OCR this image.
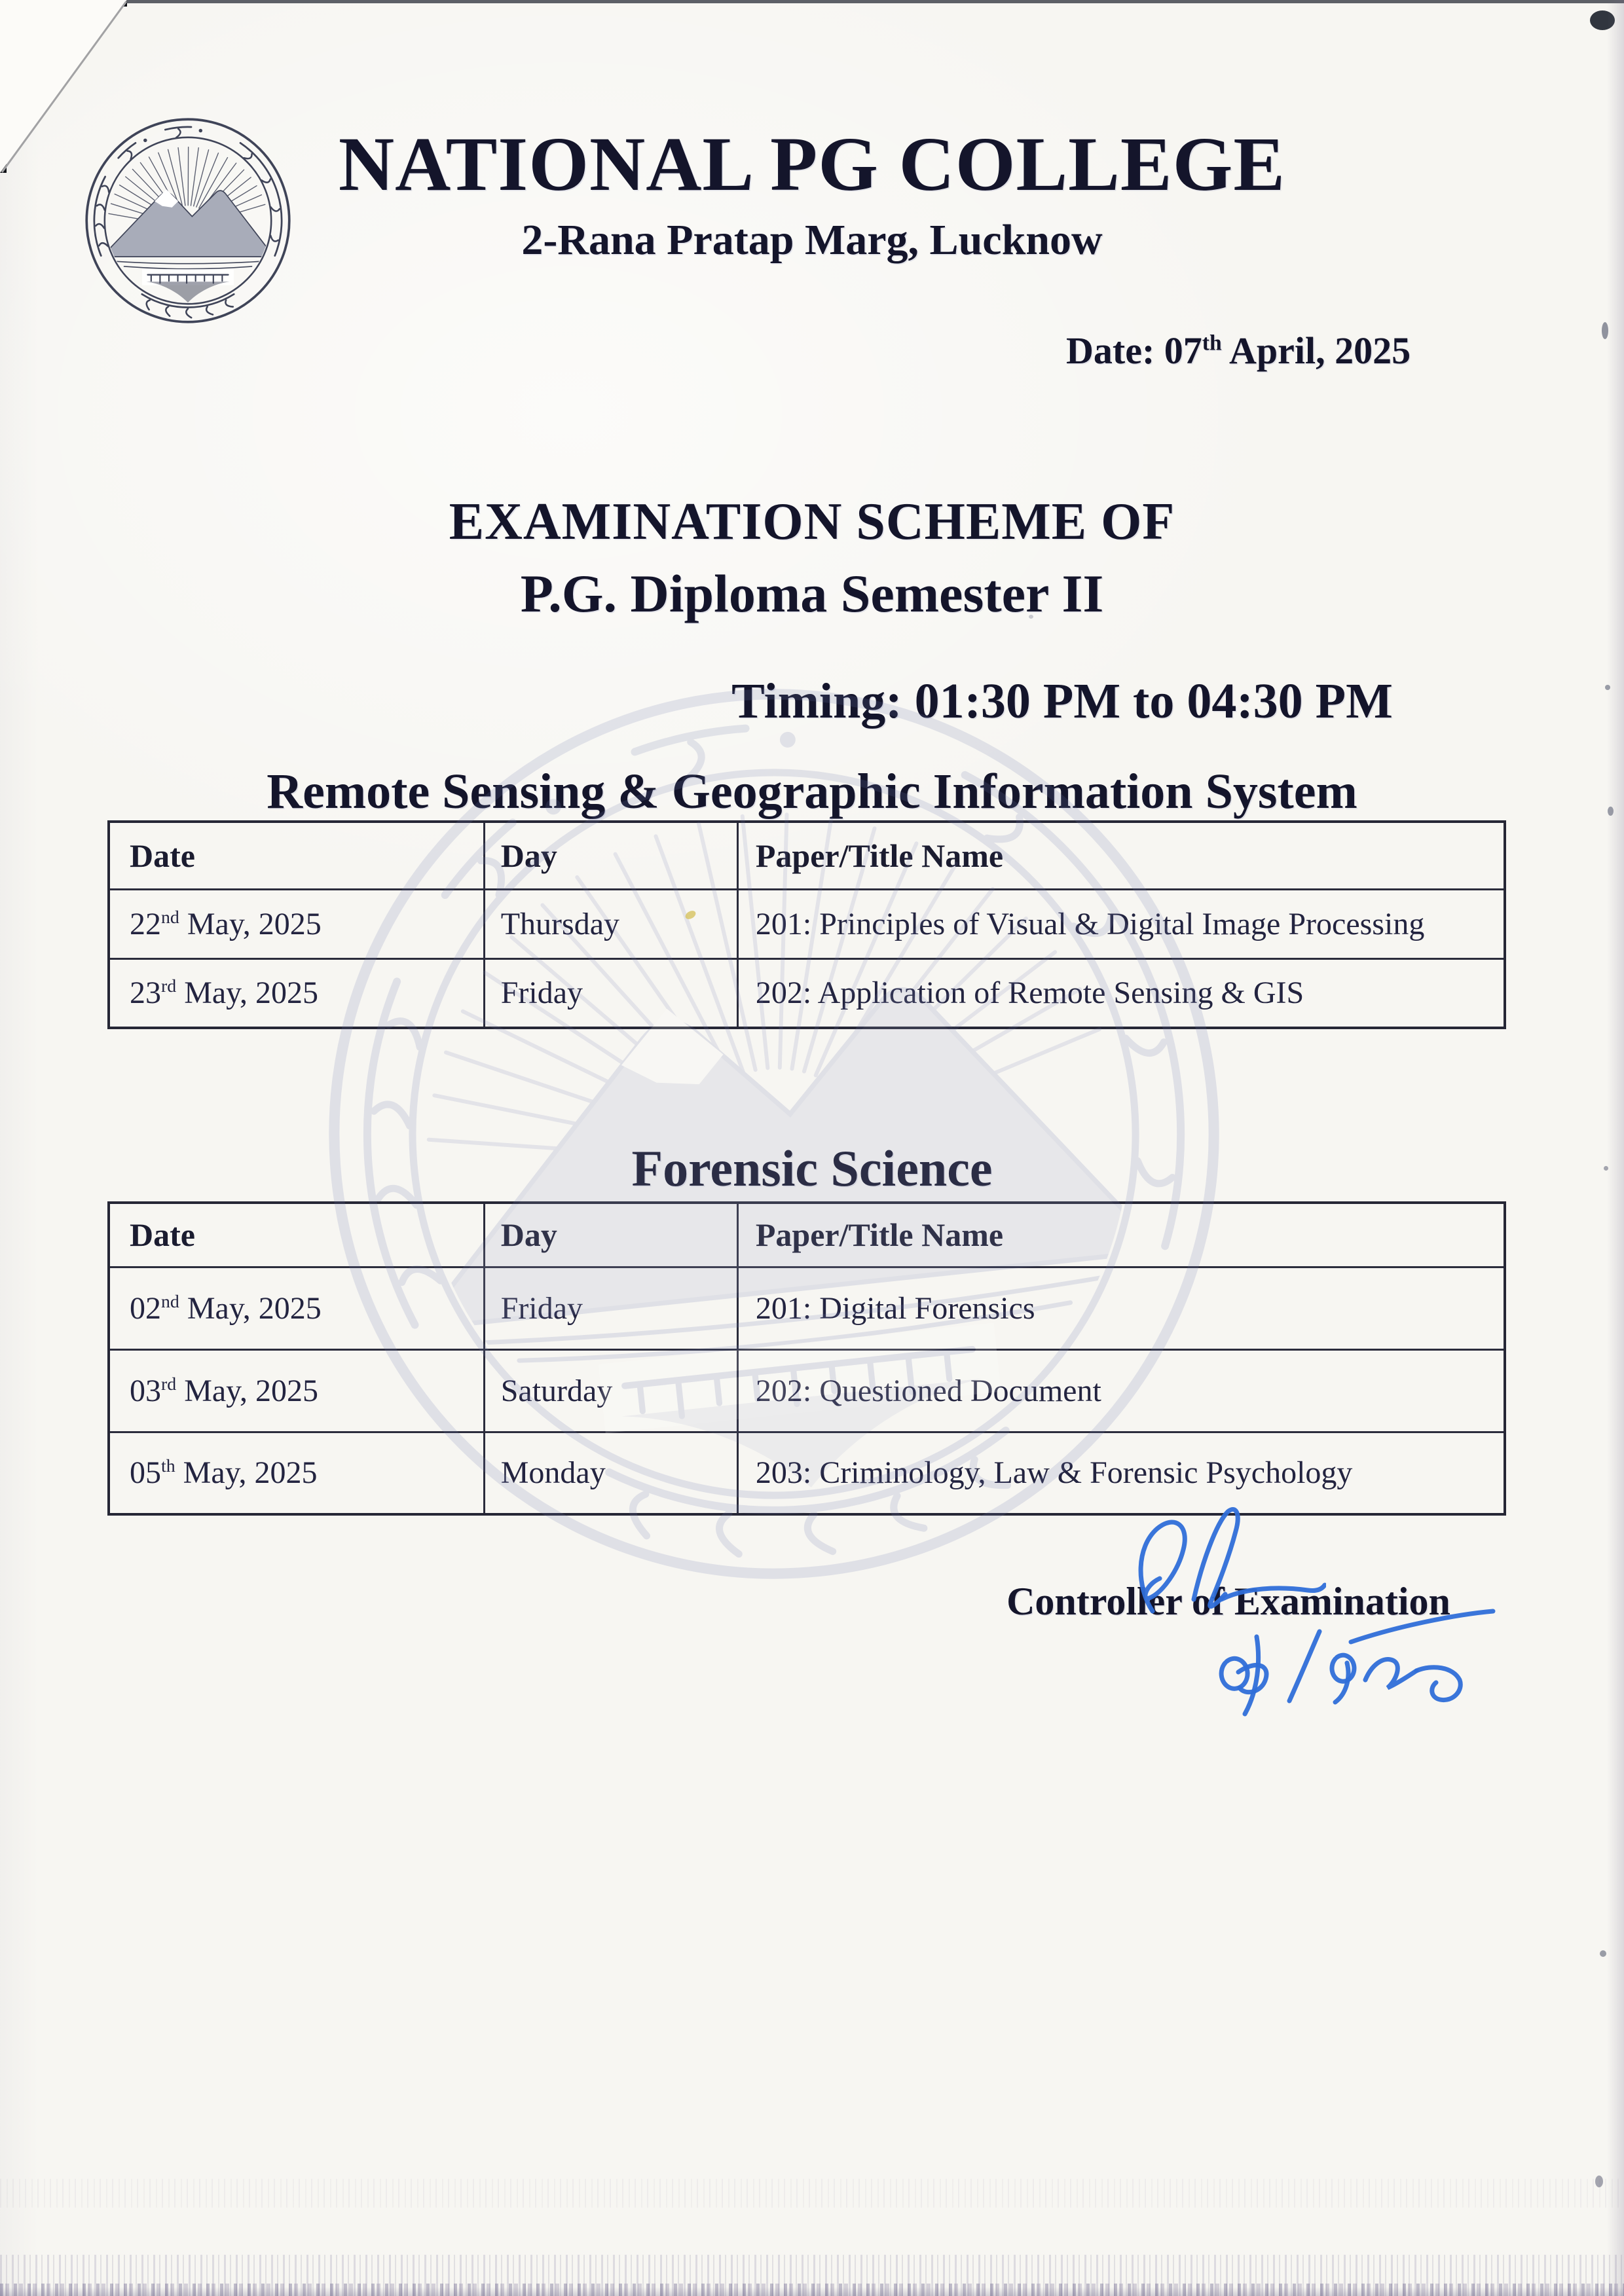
NATIONAL PG COLLEGE
2-Rana Pratap Marg, Lucknow
Date: 07th April, 2025
EXAMINATION SCHEME OF
P.G. Diploma Semester II
Timing: 01:30 PM to 04:30 PM
Remote Sensing & Geographic Information System
Date	Day	Paper/Title Name
22nd May, 2025	Thursday	201: Principles of Visual & Digital Image Processing
23rd May, 2025	Friday	202: Application of Remote Sensing & GIS
Forensic Science
Date	Day	Paper/Title Name
02nd May, 2025	Friday	201: Digital Forensics
03rd May, 2025	Saturday	202: Questioned Document
05th May, 2025	Monday	203: Criminology, Law & Forensic Psychology
Controller of Examination
